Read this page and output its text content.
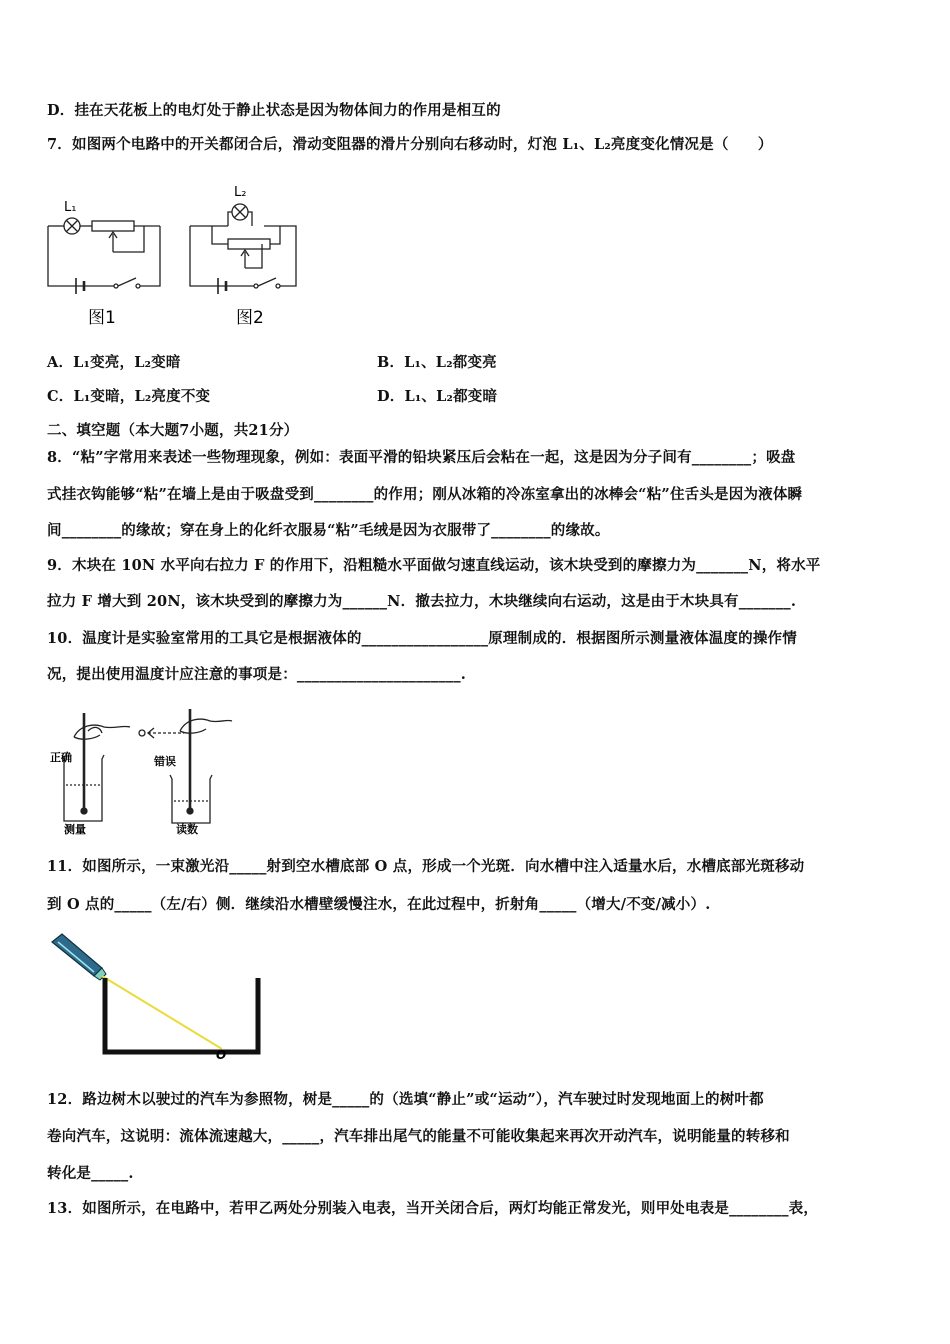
D．挂在天花板上的电灯处于静止状态是因为物体间力的作用是相互的
7．如图两个电路中的开关都闭合后，滑动变阻器的滑片分别向右移动时，灯泡 L₁、L₂亮度变化情况是（　　）
L₁
图1
L₂
图2
A．L₁变亮，L₂变暗	B．L₁、L₂都变亮
C．L₁变暗，L₂亮度不变	D．L₁、L₂都变暗
二、填空题（本大题7小题，共21分）
8．“粘”字常用来表述一些物理现象，例如：表面平滑的铅块紧压后会粘在一起，这是因为分子间有________；吸盘
式挂衣钩能够“粘”在墙上是由于吸盘受到________的作用；刚从冰箱的冷冻室拿出的冰棒会“粘”住舌头是因为液体瞬
间________的缘故；穿在身上的化纤衣服易“粘”毛绒是因为衣服带了________的缘故。
9．木块在 10N 水平向右拉力 F 的作用下，沿粗糙水平面做匀速直线运动，该木块受到的摩擦力为_______N，将水平
拉力 F 增大到 20N，该木块受到的摩擦力为______N．撤去拉力，木块继续向右运动，这是由于木块具有_______.
10．温度计是实验室常用的工具它是根据液体的_________________原理制成的．根据图所示测量液体温度的操作情
况，提出使用温度计应注意的事项是：______________________.
正确	错误
测量	读数
11．如图所示，一束激光沿_____射到空水槽底部 O 点，形成一个光斑．向水槽中注入适量水后，水槽底部光斑移动
到 O 点的_____（左/右）侧．继续沿水槽壁缓慢注水，在此过程中，折射角_____（增大/不变/减小）.
O
12．路边树木以驶过的汽车为参照物，树是_____的（选填“静止”或“运动”），汽车驶过时发现地面上的树叶都
卷向汽车，这说明：流体流速越大，_____，汽车排出尾气的能量不可能收集起来再次开动汽车，说明能量的转移和
转化是_____.
13．如图所示，在电路中，若甲乙两处分别装入电表，当开关闭合后，两灯均能正常发光，则甲处电表是________表，
